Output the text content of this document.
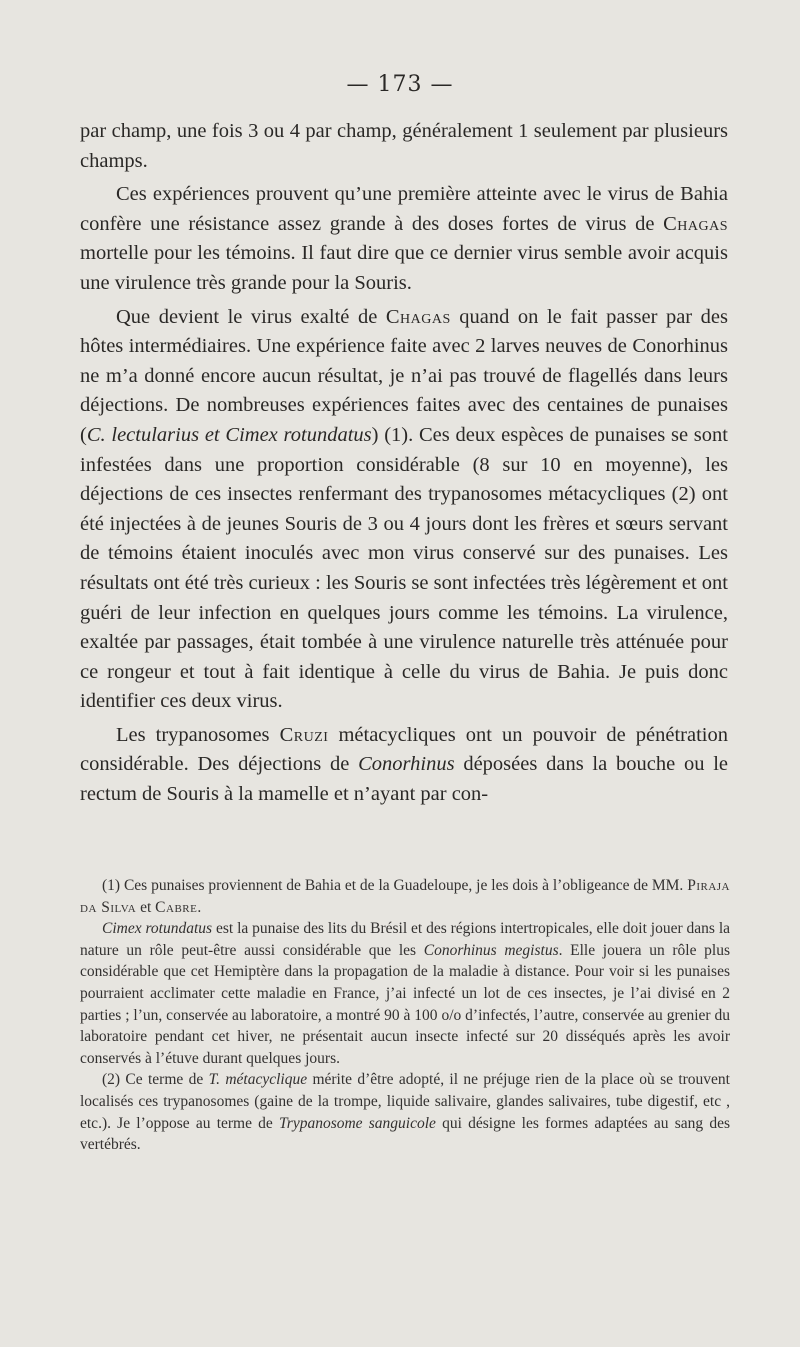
— 173 —

par champ, une fois 3 ou 4 par champ, généralement 1 seulement par plusieurs champs.

Ces expériences prouvent qu’une première atteinte avec le virus de Bahia confère une résistance assez grande à des doses fortes de virus de Chagas mortelle pour les témoins. Il faut dire que ce dernier virus semble avoir acquis une virulence très grande pour la Souris.

Que devient le virus exalté de Chagas quand on le fait passer par des hôtes intermédiaires. Une expérience faite avec 2 larves neuves de Conorhinus ne m’a donné encore aucun résultat, je n’ai pas trouvé de flagellés dans leurs déjections. De nombreuses expériences faites avec des centaines de punaises (C. lectularius et Cimex rotundatus) (1). Ces deux espèces de punaises se sont infestées dans une proportion considérable (8 sur 10 en moyenne), les déjections de ces insectes renfermant des trypanosomes métacycliques (2) ont été injectées à de jeunes Souris de 3 ou 4 jours dont les frères et sœurs servant de témoins étaient inoculés avec mon virus conservé sur des punaises. Les résultats ont été très curieux : les Souris se sont infectées très légèrement et ont guéri de leur infection en quelques jours comme les témoins. La virulence, exaltée par passages, était tombée à une virulence naturelle très atténuée pour ce rongeur et tout à fait identique à celle du virus de Bahia. Je puis donc identifier ces deux virus.

Les trypanosomes Cruzi métacycliques ont un pouvoir de pénétration considérable. Des déjections de Conorhinus déposées dans la bouche ou le rectum de Souris à la mamelle et n’ayant par con-

(1) Ces punaises proviennent de Bahia et de la Guadeloupe, je les dois à l’obligeance de MM. Piraja da Silva et Cabre.

Cimex rotundatus est la punaise des lits du Brésil et des régions intertropicales, elle doit jouer dans la nature un rôle peut-être aussi considérable que les Conorhinus megistus. Elle jouera un rôle plus considérable que cet Hemiptère dans la propagation de la maladie à distance. Pour voir si les punaises pourraient acclimater cette maladie en France, j’ai infecté un lot de ces insectes, je l’ai divisé en 2 parties ; l’un, conservée au laboratoire, a montré 90 à 100 o/o d’infectés, l’autre, conservée au grenier du laboratoire pendant cet hiver, ne présentait aucun insecte infecté sur 20 disséqués après les avoir conservés à l’étuve durant quelques jours.

(2) Ce terme de T. métacyclique mérite d’être adopté, il ne préjuge rien de la place où se trouvent localisés ces trypanosomes (gaine de la trompe, liquide salivaire, glandes salivaires, tube digestif, etc , etc.). Je l’oppose au terme de Trypanosome sanguicole qui désigne les formes adaptées au sang des vertébrés.
